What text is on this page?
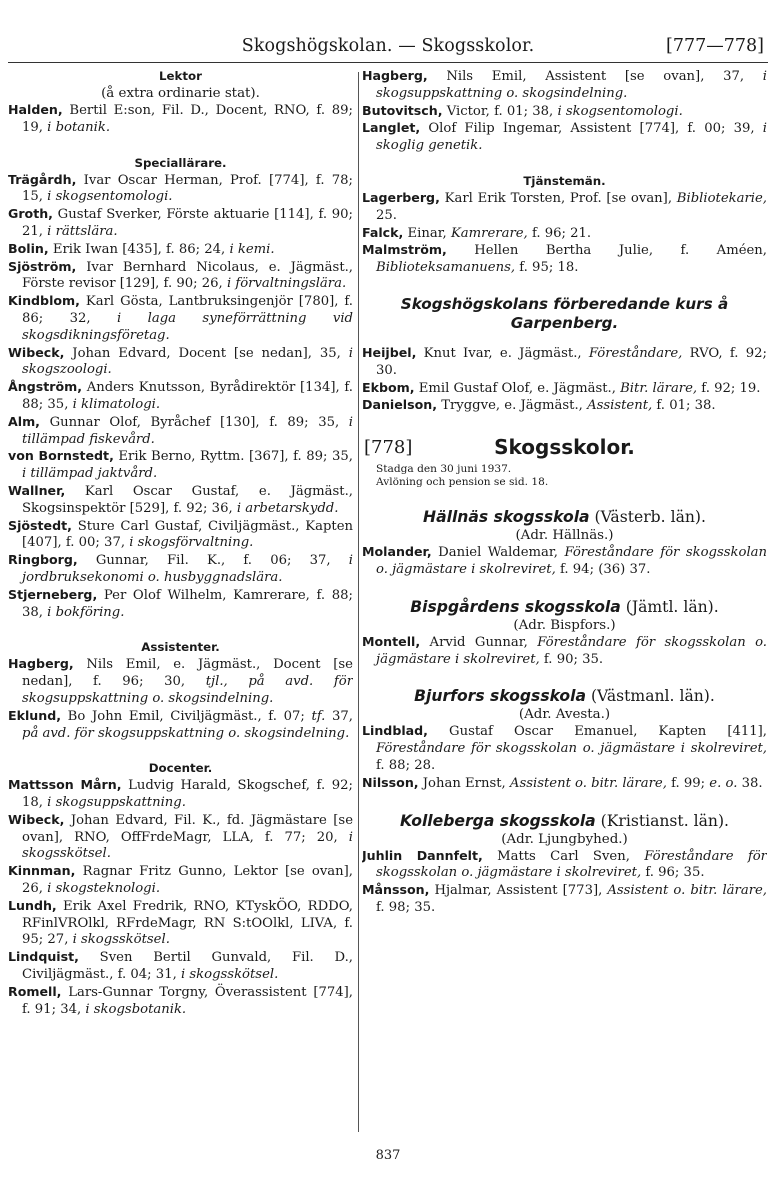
Skogshögskolan. — Skogsskolor.	[777—778]

Lektor

(å extra ordinarie stat).

Halden, Bertil E:son, Fil. D., Docent, RNO, f. 89; 19, i botanik.

Speciallärare.

Trägårdh, Ivar Oscar Herman, Prof. [774], f. 78; 15, i skogsentomologi.

Groth, Gustaf Sverker, Förste aktuarie [114], f. 90; 21, i rättslära.

Bolin, Erik Iwan [435], f. 86; 24, i kemi.

Sjöström, Ivar Bernhard Nicolaus, e. Jägmäst., Förste revisor [129], f. 90; 26, i förvaltningslära.

Kindblom, Karl Gösta, Lantbruksingenjör [780], f. 86; 32, i laga syneförrättning vid skogsdikningsföretag.

Wibeck, Johan Edvard, Docent [se nedan], 35, i skogszoologi.

Ångström, Anders Knutsson, Byrådirektör [134], f. 88; 35, i klimatologi.

Alm, Gunnar Olof, Byråchef [130], f. 89; 35, i tillämpad fiskevård.

von Bornstedt, Erik Berno, Ryttm. [367], f. 89; 35, i tillämpad jaktvård.

Wallner, Karl Oscar Gustaf, e. Jägmäst., Skogsinspektör [529], f. 92; 36, i arbetarskydd.

Sjöstedt, Sture Carl Gustaf, Civiljägmäst., Kapten [407], f. 00; 37, i skogsförvaltning.

Ringborg, Gunnar, Fil. K., f. 06; 37, i jordbruksekonomi o. husbyggnadslära.

Stjerneberg, Per Olof Wilhelm, Kamrerare, f. 88; 38, i bokföring.

Assistenter.

Hagberg, Nils Emil, e. Jägmäst., Docent [se nedan], f. 96; 30, tjl., på avd. för skogsuppskattning o. skogsindelning.

Eklund, Bo John Emil, Civiljägmäst., f. 07; tf. 37, på avd. för skogsuppskattning o. skogsindelning.

Docenter.

Mattsson Mårn, Ludvig Harald, Skogschef, f. 92; 18, i skogsuppskattning.

Wibeck, Johan Edvard, Fil. K., fd. Jägmästare [se ovan], RNO, OffFrdeMagr, LLA, f. 77; 20, i skogsskötsel.

Kinnman, Ragnar Fritz Gunno, Lektor [se ovan], 26, i skogsteknologi.

Lundh, Erik Axel Fredrik, RNO, KTyskÖO, RDDO, RFinlVROlkl, RFrdeMagr, RN S:tOOlkl, LIVA, f. 95; 27, i skogsskötsel.

Lindquist, Sven Bertil Gunvald, Fil. D., Civiljägmäst., f. 04; 31, i skogsskötsel.

Romell, Lars-Gunnar Torgny, Överassistent [774], f. 91; 34, i skogsbotanik.

Hagberg, Nils Emil, Assistent [se ovan], 37, i skogsuppskattning o. skogsindelning.

Butovitsch, Victor, f. 01; 38, i skogsentomologi.

Langlet, Olof Filip Ingemar, Assistent [774], f. 00; 39, i skoglig genetik.

Tjänstemän.

Lagerberg, Karl Erik Torsten, Prof. [se ovan], Bibliotekarie, 25.

Falck, Einar, Kamrerare, f. 96; 21.

Malmström, Hellen Bertha Julie, f. Améen, Biblioteksamanuens, f. 95; 18.

Skogshögskolans förberedande kurs å Garpenberg.

Heijbel, Knut Ivar, e. Jägmäst., Föreståndare, RVO, f. 92; 30.

Ekbom, Emil Gustaf Olof, e. Jägmäst., Bitr. lärare, f. 92; 19.

Danielson, Tryggve, e. Jägmäst., Assistent, f. 01; 38.

[778]	Skogsskolor.
Stadga den 30 juni 1937.
Avlöning och pension se sid. 18.

Hällnäs skogsskola (Västerb. län).

(Adr. Hällnäs.)

Molander, Daniel Waldemar, Föreståndare för skogsskolan o. jägmästare i skolreviret, f. 94; (36) 37.

Bispgårdens skogsskola (Jämtl. län).

(Adr. Bispfors.)

Montell, Arvid Gunnar, Föreståndare för skogsskolan o. jägmästare i skolreviret, f. 90; 35.

Bjurfors skogsskola (Västmanl. län).

(Adr. Avesta.)

Lindblad, Gustaf Oscar Emanuel, Kapten [411], Föreståndare för skogsskolan o. jägmästare i skolreviret, f. 88; 28.

Nilsson, Johan Ernst, Assistent o. bitr. lärare, f. 99; e. o. 38.

Kolleberga skogsskola (Kristianst. län).

(Adr. Ljungbyhed.)

Juhlin Dannfelt, Matts Carl Sven, Föreståndare för skogsskolan o. jägmästare i skolreviret, f. 96; 35.

Månsson, Hjalmar, Assistent [773], Assistent o. bitr. lärare, f. 98; 35.

837
